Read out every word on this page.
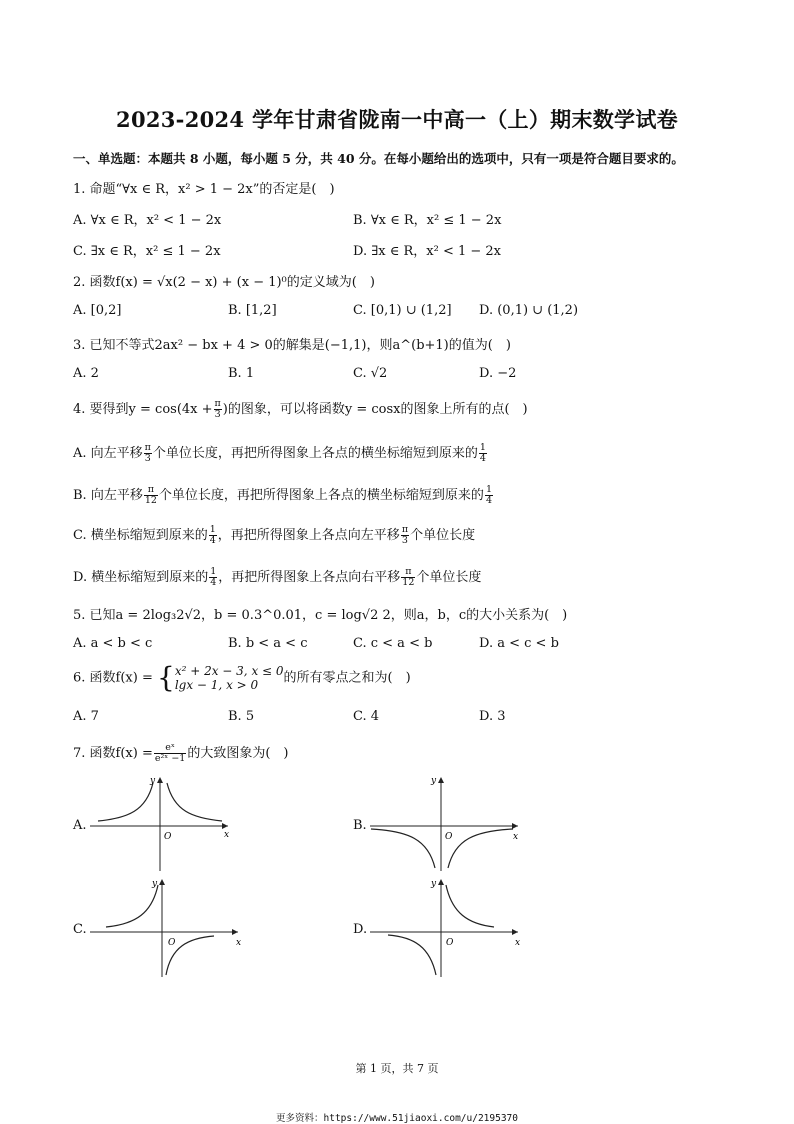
2023-2024 学年甘肃省陇南一中高一（上）期末数学试卷
一、单选题：本题共 8 小题，每小题 5 分，共 40 分。在每小题给出的选项中，只有一项是符合题目要求的。
1. 命题“∀x ∈ R，x² > 1 − 2x”的否定是(　)
A. ∀x ∈ R，x² < 1 − 2x	B. ∀x ∈ R，x² ≤ 1 − 2x
C. ∃x ∈ R，x² ≤ 1 − 2x	D. ∃x ∈ R，x² < 1 − 2x
2. 函数f(x) = √x(2 − x) + (x − 1)⁰的定义域为(　)
A. [0,2]	B. [1,2]	C. [0,1) ∪ (1,2] D. (0,1) ∪ (1,2)
3. 已知不等式2ax² − bx + 4 > 0的解集是(−1,1)，则a^(b+1)的值为(　)
A. 2	B. 1	C. √2	D. −2
4. 要得到$y = \cos(4x + \frac{\pi}{3}$ )的图象，可以将函数y = cosx的图象上所有的点(　)
A. 向左平移 $\frac{\pi}{3}$ 个单位长度，再把所得图象上各点的横坐标缩短到原来的 $\frac{1}{4}$
B. 向左平移 $\frac{\pi}{12}$ 个单位长度，再把所得图象上各点的横坐标缩短到原来的 $\frac{1}{4}$
C. 横坐标缩短到原来的 $\frac{1}{4}$ ，再把所得图象上各点向左平移 $\frac{\pi}{3}$ 个单位长度
D. 横坐标缩短到原来的 $\frac{1}{4}$ ，再把所得图象上各点向右平移 $\frac{\pi}{12}$ 个单位长度
5. 已知a = 2log₃2√2，b = 0.3^0.01，c = log√2 2，则a，b，c的大小关系为(　)
A. a < b < c	B. b < a < c	C. c < a < b	D. a < c < b
6. 函数f(x) = { x² + 2x − 3, x ≤ 0
lgx − 1, x > 0	的所有零点之和为(　)
A. 7	B. 5	C. 4	D. 3
7. 函数$f(x) = \frac{\text{eˣ}}{\text{e²ˣ −1}}$ 的大致图象为(　)
A.	B.
C.	D.
O	x
y
O	x
y
O	x
y
O	x
y
第 1 页，共 7 页
更多资料：https://www.51jiaoxi.com/u/2195370
